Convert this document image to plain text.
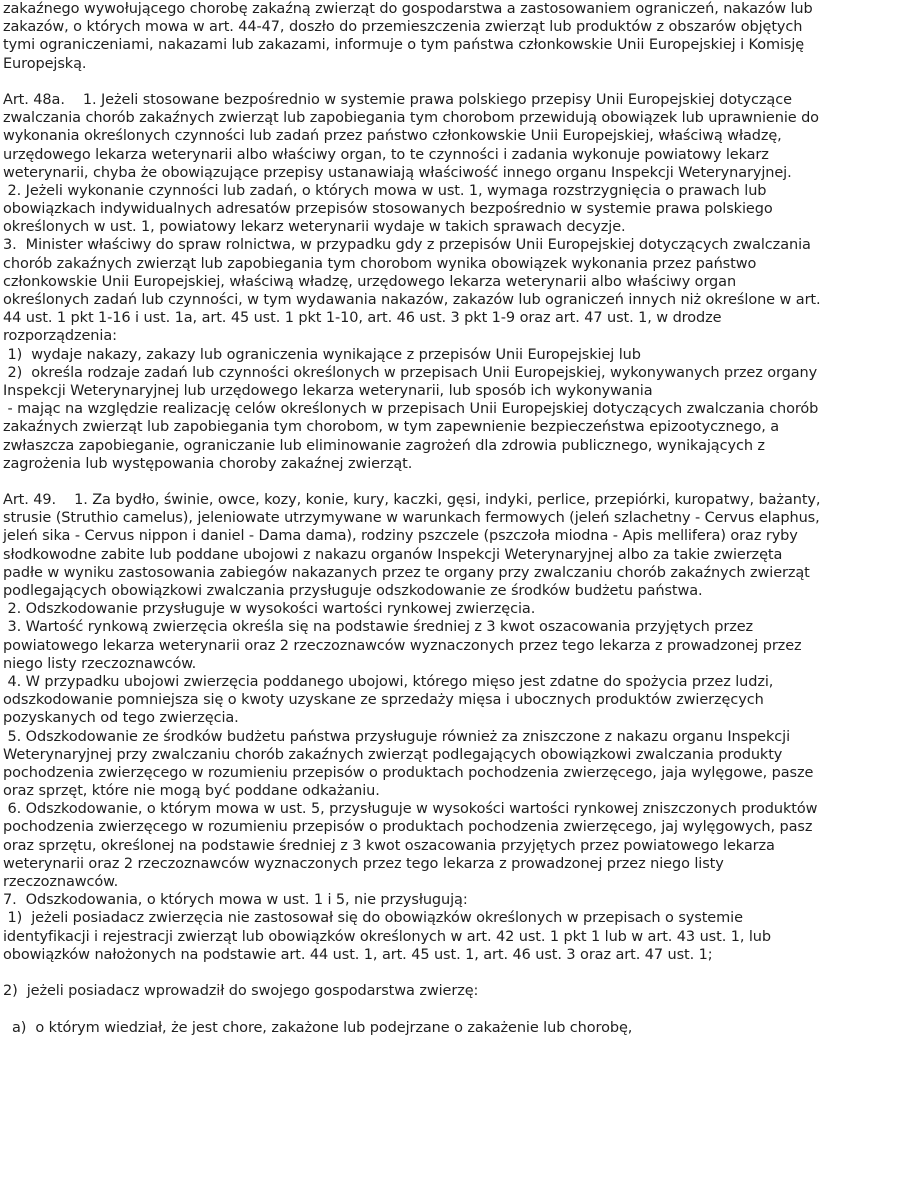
zakaźnego wywołującego chorobę zakaźną zwierząt do gospodarstwa a zastosowaniem ograniczeń, nakazów lub
zakazów, o których mowa w art. 44-47, doszło do przemieszczenia zwierząt lub produktów z obszarów objętych
tymi ograniczeniami, nakazami lub zakazami, informuje o tym państwa członkowskie Unii Europejskiej i Komisję
Europejską.
Art. 48a.    1. Jeżeli stosowane bezpośrednio w systemie prawa polskiego przepisy Unii Europejskiej dotyczące
zwalczania chorób zakaźnych zwierząt lub zapobiegania tym chorobom przewidują obowiązek lub uprawnienie do
wykonania określonych czynności lub zadań przez państwo członkowskie Unii Europejskiej, właściwą władzę,
urzędowego lekarza weterynarii albo właściwy organ, to te czynności i zadania wykonuje powiatowy lekarz
weterynarii, chyba że obowiązujące przepisy ustanawiają właściwość innego organu Inspekcji Weterynaryjnej.
2. Jeżeli wykonanie czynności lub zadań, o których mowa w ust. 1, wymaga rozstrzygnięcia o prawach lub
obowiązkach indywidualnych adresatów przepisów stosowanych bezpośrednio w systemie prawa polskiego
określonych w ust. 1, powiatowy lekarz weterynarii wydaje w takich sprawach decyzje.
3.  Minister właściwy do spraw rolnictwa, w przypadku gdy z przepisów Unii Europejskiej dotyczących zwalczania
chorób zakaźnych zwierząt lub zapobiegania tym chorobom wynika obowiązek wykonania przez państwo
członkowskie Unii Europejskiej, właściwą władzę, urzędowego lekarza weterynarii albo właściwy organ
określonych zadań lub czynności, w tym wydawania nakazów, zakazów lub ograniczeń innych niż określone w art.
44 ust. 1 pkt 1-16 i ust. 1a, art. 45 ust. 1 pkt 1-10, art. 46 ust. 3 pkt 1-9 oraz art. 47 ust. 1, w drodze
rozporządzenia:
1)  wydaje nakazy, zakazy lub ograniczenia wynikające z przepisów Unii Europejskiej lub
2)  określa rodzaje zadań lub czynności określonych w przepisach Unii Europejskiej, wykonywanych przez organy
Inspekcji Weterynaryjnej lub urzędowego lekarza weterynarii, lub sposób ich wykonywania
- mając na względzie realizację celów określonych w przepisach Unii Europejskiej dotyczących zwalczania chorób
zakaźnych zwierząt lub zapobiegania tym chorobom, w tym zapewnienie bezpieczeństwa epizootycznego, a
zwłaszcza zapobieganie, ograniczanie lub eliminowanie zagrożeń dla zdrowia publicznego, wynikających z
zagrożenia lub występowania choroby zakaźnej zwierząt.
Art. 49.    1. Za bydło, świnie, owce, kozy, konie, kury, kaczki, gęsi, indyki, perlice, przepiórki, kuropatwy, bażanty,
strusie (Struthio camelus), jeleniowate utrzymywane w warunkach fermowych (jeleń szlachetny - Cervus elaphus,
jeleń sika - Cervus nippon i daniel - Dama dama), rodziny pszczele (pszczoła miodna - Apis mellifera) oraz ryby
słodkowodne zabite lub poddane ubojowi z nakazu organów Inspekcji Weterynaryjnej albo za takie zwierzęta
padłe w wyniku zastosowania zabiegów nakazanych przez te organy przy zwalczaniu chorób zakaźnych zwierząt
podlegających obowiązkowi zwalczania przysługuje odszkodowanie ze środków budżetu państwa.
2. Odszkodowanie przysługuje w wysokości wartości rynkowej zwierzęcia.
3. Wartość rynkową zwierzęcia określa się na podstawie średniej z 3 kwot oszacowania przyjętych przez
powiatowego lekarza weterynarii oraz 2 rzeczoznawców wyznaczonych przez tego lekarza z prowadzonej przez
niego listy rzeczoznawców.
4. W przypadku ubojowi zwierzęcia poddanego ubojowi, którego mięso jest zdatne do spożycia przez ludzi,
odszkodowanie pomniejsza się o kwoty uzyskane ze sprzedaży mięsa i ubocznych produktów zwierzęcych
pozyskanych od tego zwierzęcia.
5. Odszkodowanie ze środków budżetu państwa przysługuje również za zniszczone z nakazu organu Inspekcji
Weterynaryjnej przy zwalczaniu chorób zakaźnych zwierząt podlegających obowiązkowi zwalczania produkty
pochodzenia zwierzęcego w rozumieniu przepisów o produktach pochodzenia zwierzęcego, jaja wylęgowe, pasze
oraz sprzęt, które nie mogą być poddane odkażaniu.
6. Odszkodowanie, o którym mowa w ust. 5, przysługuje w wysokości wartości rynkowej zniszczonych produktów
pochodzenia zwierzęcego w rozumieniu przepisów o produktach pochodzenia zwierzęcego, jaj wylęgowych, pasz
oraz sprzętu, określonej na podstawie średniej z 3 kwot oszacowania przyjętych przez powiatowego lekarza
weterynarii oraz 2 rzeczoznawców wyznaczonych przez tego lekarza z prowadzonej przez niego listy
rzeczoznawców.
7.  Odszkodowania, o których mowa w ust. 1 i 5, nie przysługują:
1)  jeżeli posiadacz zwierzęcia nie zastosował się do obowiązków określonych w przepisach o systemie
identyfikacji i rejestracji zwierząt lub obowiązków określonych w art. 42 ust. 1 pkt 1 lub w art. 43 ust. 1, lub
obowiązków nałożonych na podstawie art. 44 ust. 1, art. 45 ust. 1, art. 46 ust. 3 oraz art. 47 ust. 1;
2)  jeżeli posiadacz wprowadził do swojego gospodarstwa zwierzę:
a)  o którym wiedział, że jest chore, zakażone lub podejrzane o zakażenie lub chorobę,
